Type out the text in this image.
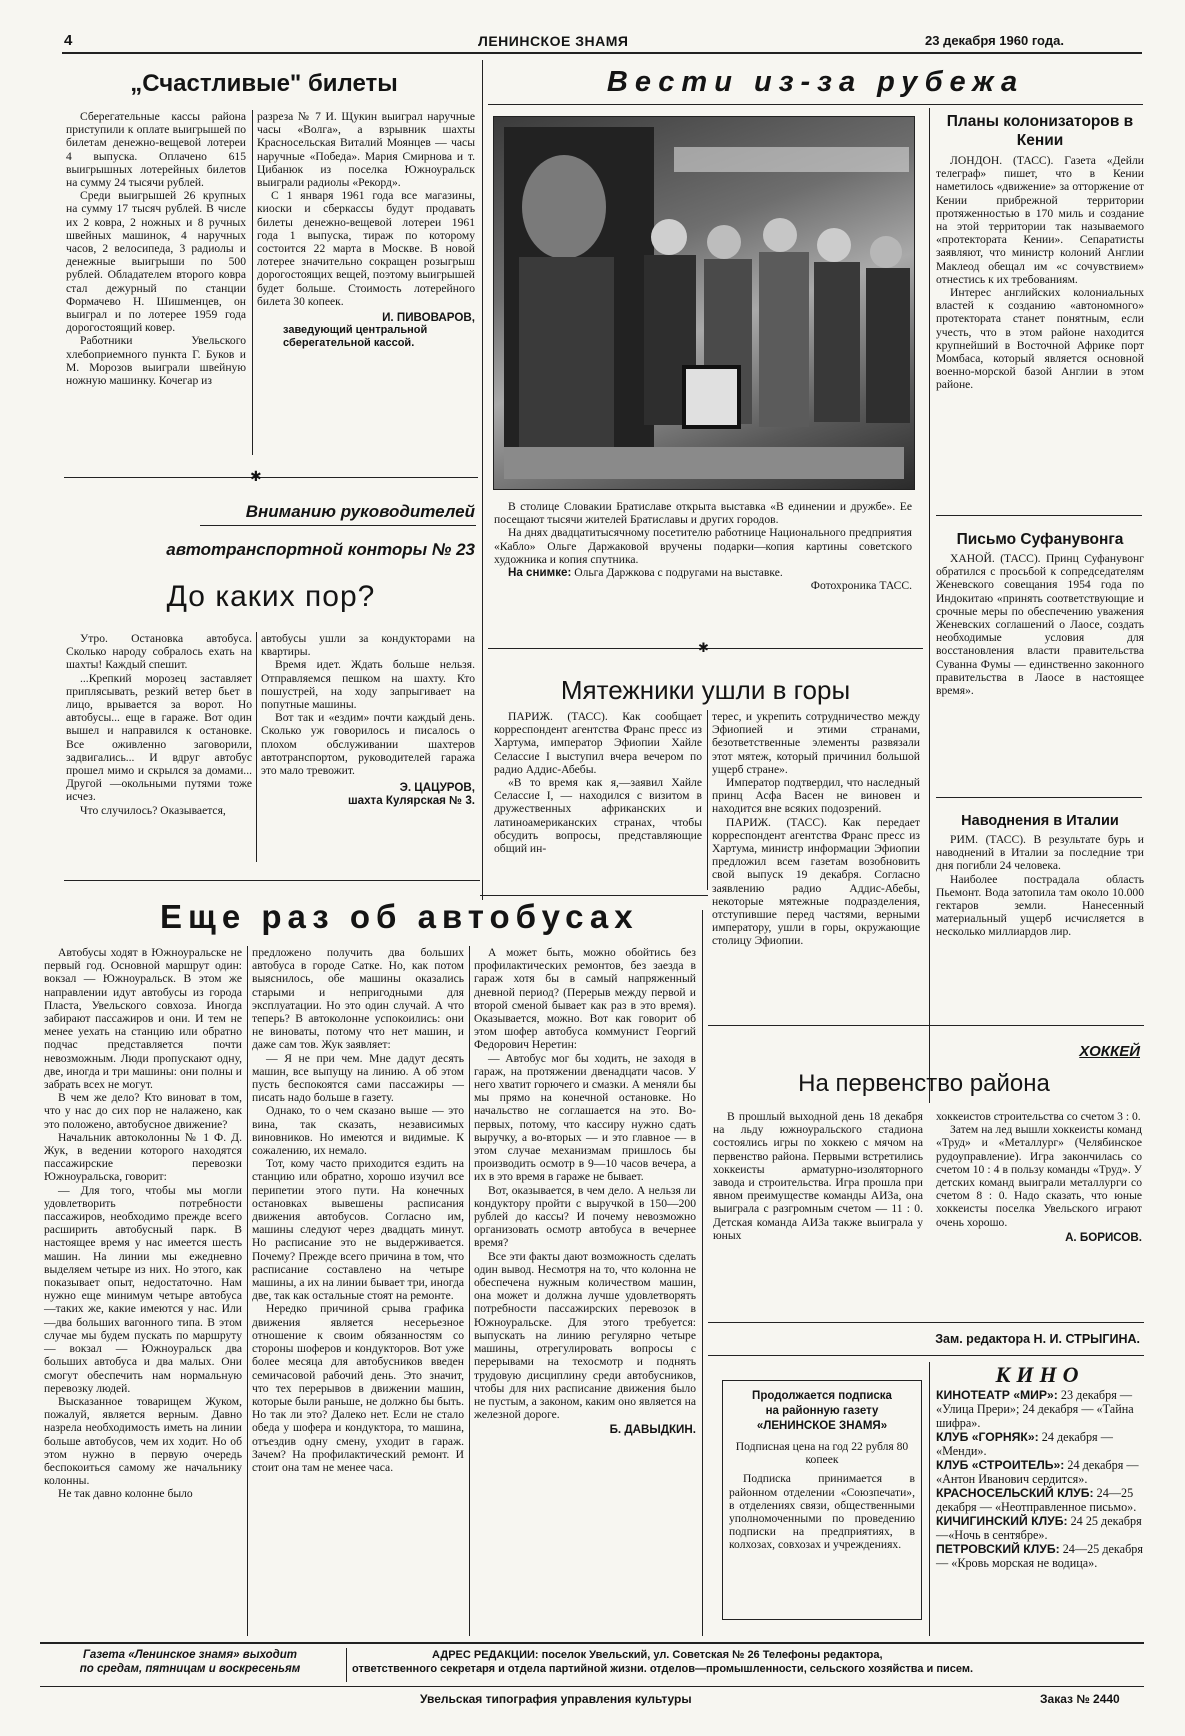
4	ЛЕНИНСКОЕ ЗНАМЯ	23 декабря 1960 года.
„Счастливые" билеты

Сберегательные кассы района приступили к оплате выигрышей по билетам денежно-вещевой лотереи 4 выпуска. Оплачено 615 выигрышных лотерейных билетов на сумму 24 тысячи рублей.

Среди выигрышей 26 крупных на сумму 17 тысяч рублей. В числе их 2 ковра, 2 ножных и 8 ручных швейных машинок, 4 наручных часов, 2 велосипеда, 3 радиолы и денежные выигрыши по 500 рублей. Обладателем второго ковра стал дежурный по станции Формачево Н. Шишменцев, он выиграл и по лотерее 1959 года дорогостоящий ковер.

Работники Увельского хлебоприемного пункта Г. Буков и М. Морозов выиграли швейную ножную машинку. Кочегар из

разреза № 7 И. Щукин выиграл наручные часы «Волга», а взрывник шахты Красносельская Виталий Моянцев — часы наручные «Победа». Мария Смирнова и т. Цибанюк из поселка Южноуральск выиграли радиолы «Рекорд».

С 1 января 1961 года все магазины, киоски и сберкассы будут продавать билеты денежно-вещевой лотереи 1961 года 1 выпуска, тираж по которому состоится 22 марта в Москве. В новой лотерее значительно сокращен розыгрыш дорогостоящих вещей, поэтому выигрышей будет больше. Стоимость лотерейного билета 30 копеек.

И. ПИВОВАРОВ,
заведующий центральной сберегательной кассой.
✱
Вниманию руководителей
автотранспортной конторы № 23
До каких пор?

Утро. Остановка автобуса. Сколько народу собралось ехать на шахты! Каждый спешит.

...Крепкий морозец заставляет приплясывать, резкий ветер бьет в лицо, врывается за ворот. Но автобусы... еще в гараже. Вот один вышел и направился к остановке. Все оживленно заговорили, задвигались... И вдруг автобус прошел мимо и скрылся за домами... Другой —окольными путями тоже исчез.

Что случилось? Оказывается,

автобусы ушли за кондукторами на квартиры.

Время идет. Ждать больше нельзя. Отправляемся пешком на шахту. Кто пошустрей, на ходу запрыгивает на попутные машины.

Вот так и «ездим» почти каждый день. Сколько уж говорилось и писалось о плохом обслуживании шахтеров автотранспортом, руководителей гаража это мало тревожит.

Э. ЦАЦУРОВ,
шахта Кулярская № 3.
Вести из-за рубежа

В столице Словакии Братиславе открыта выставка «В единении и дружбе». Ее посещают тысячи жителей Братиславы и других городов.

На днях двадцатитысячному посетителю работнице Национального предприятия «Кабло» Ольге Даржаковой вручены подарки—копия картины советского художника и копия спутника.

На снимке: Ольга Даржкова с подругами на выставке.

Фотохроника ТАСС.
✱
Мятежники ушли в горы

ПАРИЖ. (ТАСС). Как сообщает корреспондент агентства Франс пресс из Хартума, император Эфиопии Хайле Селассие I выступил вчера вечером по радио Аддис-Абебы.

«В то время как я,—заявил Хайле Селассие I, — находился с визитом в дружественных африканских и латиноамериканских странах, чтобы обсудить вопросы, представляющие общий ин-

терес, и укрепить сотрудничество между Эфиопией и этими странами, безответственные элементы развязали этот мятеж, который причинил большой ущерб стране».

Император подтвердил, что наследный принц Асфа Васен не виновен и находится вне всяких подозрений.

ПАРИЖ. (ТАСС). Как передает корреспондент агентства Франс пресс из Хартума, министр информации Эфиопии предложил всем газетам возобновить свой выпуск 19 декабря. Согласно заявлению радио Аддис-Абебы, некоторые мятежные подразделения, отступившие перед частями, верными императору, ушли в горы, окружающие столицу Эфиопии.

Планы колонизаторов в Кении

ЛОНДОН. (ТАСС). Газета «Дейли телеграф» пишет, что в Кении наметилось «движение» за отторжение от Кении прибрежной территории протяженностью в 170 миль и создание на этой территории так называемого «протектората Кении». Сепаратисты заявляют, что министр колоний Англии Маклеод обещал им «с сочувствием» отнестись к их требованиям.

Интерес английских колониальных властей к созданию «автономного» протектората станет понятным, если учесть, что в этом районе находится крупнейший в Восточной Африке порт Момбаса, который является основной военно-морской базой Англии в этом районе.

Письмо Суфанувонга

ХАНОЙ. (ТАСС). Принц Суфанувонг обратился с просьбой к сопредседателям Женевского совещания 1954 года по Индокитаю «принять соответствующие и срочные меры по обеспечению уважения Женевских соглашений о Лаосе, создать необходимые условия для восстановления власти правительства Суванна Фумы — единственно законного правительства в Лаосе в настоящее время».

Наводнения в Италии

РИМ. (ТАСС). В результате бурь и наводнений в Италии за последние три дня погибли 24 человека.

Наиболее пострадала область Пьемонт. Вода затопила там около 10.000 гектаров земли. Нанесенный материальный ущерб исчисляется в несколько миллиардов лир.

Еще раз об автобусах

Автобусы ходят в Южноуральске не первый год. Основной маршрут один: вокзал — Южноуральск. В этом же направлении идут автобусы из города Пласта, Увельского совхоза. Иногда забирают пассажиров и они. И тем не менее уехать на станцию или обратно подчас представляется почти невозможным. Люди пропускают одну, две, иногда и три машины: они полны и забрать всех не могут.

В чем же дело? Кто виноват в том, что у нас до сих пор не налажено, как это положено, автобусное движение?

Начальник автоколонны № 1 Ф. Д. Жук, в ведении которого находятся пассажирские перевозки Южноуральска, говорит:

— Для того, чтобы мы могли удовлетворить потребности пассажиров, необходимо прежде всего расширить автобусный парк. В настоящее время у нас имеется шесть машин. На линии мы ежедневно выделяем четыре из них. Но этого, как показывает опыт, недостаточно. Нам нужно еще минимум четыре автобуса—таких же, какие имеются у нас. Или—два больших вагонного типа. В этом случае мы будем пускать по маршруту — вокзал — Южноуральск два больших автобуса и два малых. Они смогут обеспечить нам нормальную перевозку людей.

Высказанное товарищем Жуком, пожалуй, является верным. Давно назрела необходимость иметь на линии больше автобусов, чем их ходит. Но об этом нужно в первую очередь беспокоиться самому же начальнику колонны.

Не так давно колонне было

предложено получить два больших автобуса в городе Сатке. Но, как потом выяснилось, обе машины оказались старыми и непригодными для эксплуатации. Но это один случай. А что теперь? В автоколонне успокоились: они не виноваты, потому что нет машин, и даже сам тов. Жук заявляет:

— Я не при чем. Мне дадут десять машин, все выпущу на линию. А об этом пусть беспокоятся сами пассажиры — писать надо больше в газету.

Однако, то о чем сказано выше — это вина, так сказать, независимых виновников. Но имеются и видимые. К сожалению, их немало.

Тот, кому часто приходится ездить на станцию или обратно, хорошо изучил все перипетии этого пути. На конечных остановках вывешены расписания движения автобусов. Согласно им, машины следуют через двадцать минут. Но расписание это не выдерживается. Почему? Прежде всего причина в том, что расписание составлено на четыре машины, а их на линии бывает три, иногда две, так как остальные стоят на ремонте.

Нередко причиной срыва графика движения является несерьезное отношение к своим обязанностям со стороны шоферов и кондукторов. Вот уже более месяца для автобусников введен семичасовой рабочий день. Это значит, что тех перерывов в движении машин, которые были раньше, не должно бы быть. Но так ли это? Далеко нет. Если не стало обеда у шофера и кондуктора, то машина, отъездив одну смену, уходит в гараж. Зачем? На профилактический ремонт. И стоит она там не менее часа.

А может быть, можно обойтись без профилактических ремонтов, без заезда в гараж хотя бы в самый напряженный дневной период? (Перерыв между первой и второй сменой бывает как раз в это время). Оказывается, можно. Вот как говорит об этом шофер автобуса коммунист Георгий Федорович Неретин:

— Автобус мог бы ходить, не заходя в гараж, на протяжении двенадцати часов. У него хватит горючего и смазки. А меняли бы мы прямо на конечной остановке. Но начальство не соглашается на это. Во-первых, потому, что кассиру нужно сдать выручку, а во-вторых — и это главное — в этом случае механизмам пришлось бы производить осмотр в 9—10 часов вечера, а их в это время в гараже не бывает.

Вот, оказывается, в чем дело. А нельзя ли кондуктору пройти с выручкой в 150—200 рублей до кассы? И почему невозможно организовать осмотр автобуса в вечернее время?

Все эти факты дают возможность сделать один вывод. Несмотря на то, что колонна не обеспечена нужным количеством машин, она может и должна лучше удовлетворять потребности пассажирских перевозок в Южноуральске. Для этого требуется: выпускать на линию регулярно четыре машины, отрегулировать вопросы с перерывами на техосмотр и поднять трудовую дисциплину среди автобусников, чтобы для них расписание движения было не пустым, а законом, каким оно является на железной дороге.

Б. ДАВЫДКИН.
ХОККЕЙ
На первенство района

В прошлый выходной день 18 декабря на льду южноуральского стадиона состоялись игры по хоккею с мячом на первенство района. Первыми встретились хоккеисты арматурно-изоляторного завода и строительства. Игра прошла при явном преимуществе команды АИЗа, она выиграла с разгромным счетом — 11 : 0. Детская команда АИЗа также выиграла у юных

хоккеистов строительства со счетом 3 : 0.

Затем на лед вышли хоккеисты команд «Труд» и «Металлург» (Челябинское рудоуправление). Игра закончилась со счетом 10 : 4 в пользу команды «Труд». У детских команд выиграли металлурги со счетом 8 : 0. Надо сказать, что юные хоккеисты поселка Увельского играют очень хорошо.

А. БОРИСОВ.
Зам. редактора Н. И. СТРЫГИНА.
Продолжается подписка
на районную газету
«ЛЕНИНСКОЕ ЗНАМЯ»

Подписная цена на год 22 рубля 80 копеек

Подписка принимается в районном отделении «Союзпечати», в отделениях связи, общественными уполномоченными по проведению подписки на предприятиях, в колхозах, совхозах и учреждениях.

КИНО

КИНОТЕАТР «МИР»: 23 декабря — «Улица Прери»; 24 декабря — «Тайна шифра».

КЛУБ «ГОРНЯК»: 24 декабря — «Менди».

КЛУБ «СТРОИТЕЛЬ»: 24 декабря — «Антон Иванович сердится».

КРАСНОСЕЛЬСКИЙ КЛУБ: 24—25 декабря — «Неотправленное письмо».

КИЧИГИНСКИЙ КЛУБ: 24 25 декабря—«Ночь в сентябре».

ПЕТРОВСКИЙ КЛУБ: 24—25 декабря — «Кровь морская не водица».

Газета «Ленинское знамя» выходит
по средам, пятницам и воскресеньям
АДРЕС РЕДАКЦИИ: поселок Увельский, ул. Советская № 26 Телефоны редактора,
ответственного секретаря и отдела партийной жизни. отделов—промышленности, сельского хозяйства и писем.
Увельская типография управления культуры	Заказ № 2440
